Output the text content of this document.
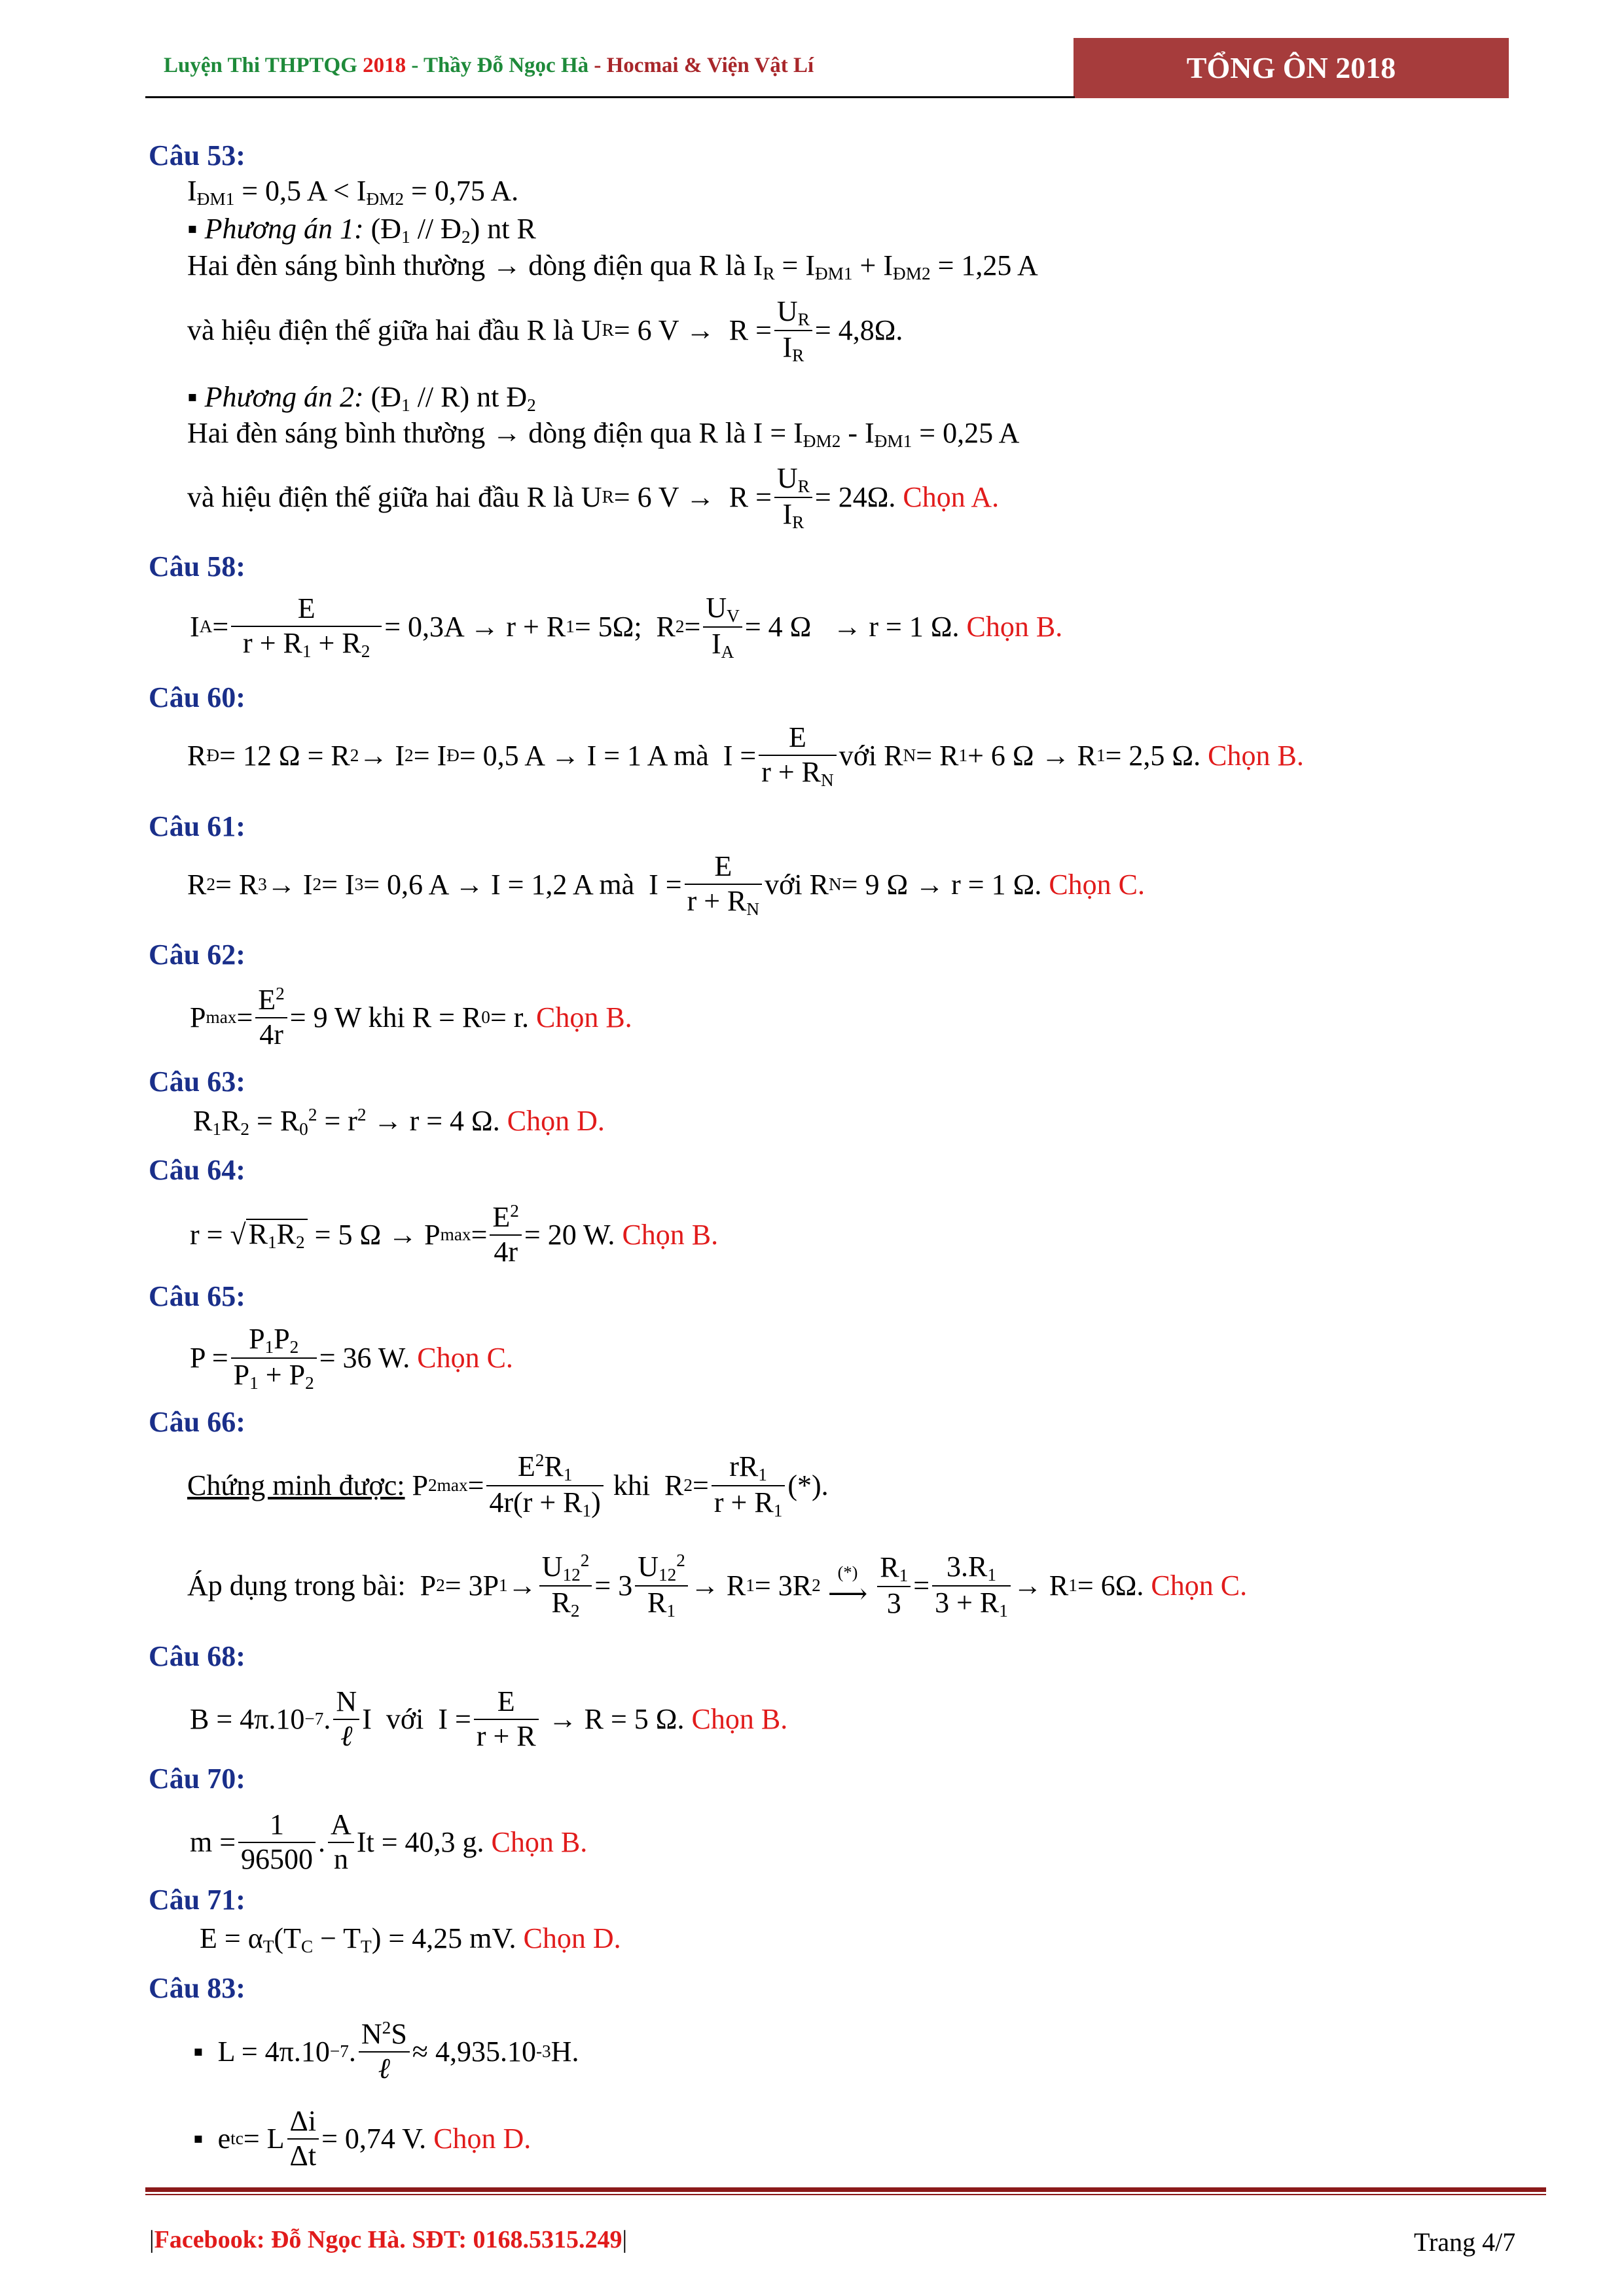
Luyện Thi THPTQG 2018 - Thầy Đỗ Ngọc Hà - Hocmai & Viện Vật Lí	TỔNG ÔN 2018
Câu 53:
$I_{ĐM1} = 0,5$ $A < I_{ĐM2} = 0,75$ A.
▪ Phương án 1: ($Đ_1$ // $Đ_2$) nt R
Hai đèn sáng bình thường → dòng điện qua R là $I_R = I_{ĐM1} + I_{ĐM2} = 1,25$ A
và hiệu điện thế giữa hai đầu R là U R = 6 $V \to R = \frac{U_R}{I_R} = 4,8\Omega$.
▪ Phương án 2: $(Đ_1 // R)$ nt $Đ_2$
Hai đèn sáng bình thường → dòng điện qua R là $I = I_{ĐM2} - I_{ĐM1} = 0,25$ A
và hiệu điện thế giữa hai đầu R là U R = 6 $V \to R = \frac{U_R}{I_R} = 24\Omega$. Chọn A.
Câu 58:
I $A = \frac{E}{r + R_1 + R_2} = 0,3A \to r + R$ 1 = 5Ω;  R $2 = \frac{U_V}{I_A} = 4$ Ω   → r = 1 Ω. Chọn B.
Câu 60:
R Đ = 12 Ω = R 2 → I 2 = I Đ = 0,5 A → I = 1 A mà  $I = \frac{E}{r + R_N}$ với R N = R 1 + 6 Ω → R 1 = 2,5 Ω. Chọn B.
Câu 61:
R 2 = R 3 → I 2 = I 3 = 0,6 A → I = 1,2 A mà  $I = \frac{E}{r + R_N}$ với R N = 9 Ω → r = 1 Ω. Chọn C.
Câu 62:
P $\max = \frac{E^2}{4r} = 9$ W khi R = R 0 = r. Chọn B.
Câu 63:
$R_1R_2 = R_0^2 = r^2 \to r = 4$ Ω. Chọn D.
Câu 64:
r = √ $R_1R_2 = 5$ Ω → P $\max = \frac{E^2}{4r} = 20$ W. Chọn B.
Câu 65:
$P = \frac{P_1P_2}{P_1 + P_2} = 36$ W. Chọn C.
Câu 66:
Chứng minh được: P $2\max = \frac{E^2R_1}{4r(r + R_1)}$ khi  R $2 = \frac{rR_1}{r + R_1}$ (*).
Áp dụng trong bài:  P 2 = 3P $1 \to \frac{U_{12}^2}{R_2} = 3 \frac{U_{12}^2}{R_1} \to R$ 1 = 3R 2

(*)
⟶
$\frac{R_1}{3} = \frac{3.R_1}{3 + R_1} \to R$ 1 = 6Ω. Chọn C.
Câu 68:
B = 4π.10 −7 . $\frac{N}{\text{ℓ}}$ I  với  $I = \frac{E}{r + R} \to R = 5$ Ω. Chọn B.
Câu 70:
$m = \frac{1}{96500}$ . $\frac{A}{n}$ It = 40,3 g. Chọn B.
Câu 71:
$E = \alpha_T(T_C - T_T) = 4,25$ mV. Chọn D.
Câu 83:
▪  L = 4π.10 −7 . $\frac{N^2S}{\text{ℓ}} \approx 4,935.10$ -3 H.
▪  e tc = L $\frac{\Delta i}{\Delta t} = 0,74$ V. Chọn D.
|Facebook: Đỗ Ngọc Hà. SĐT: 0168.5315.249|	Trang 4/7
